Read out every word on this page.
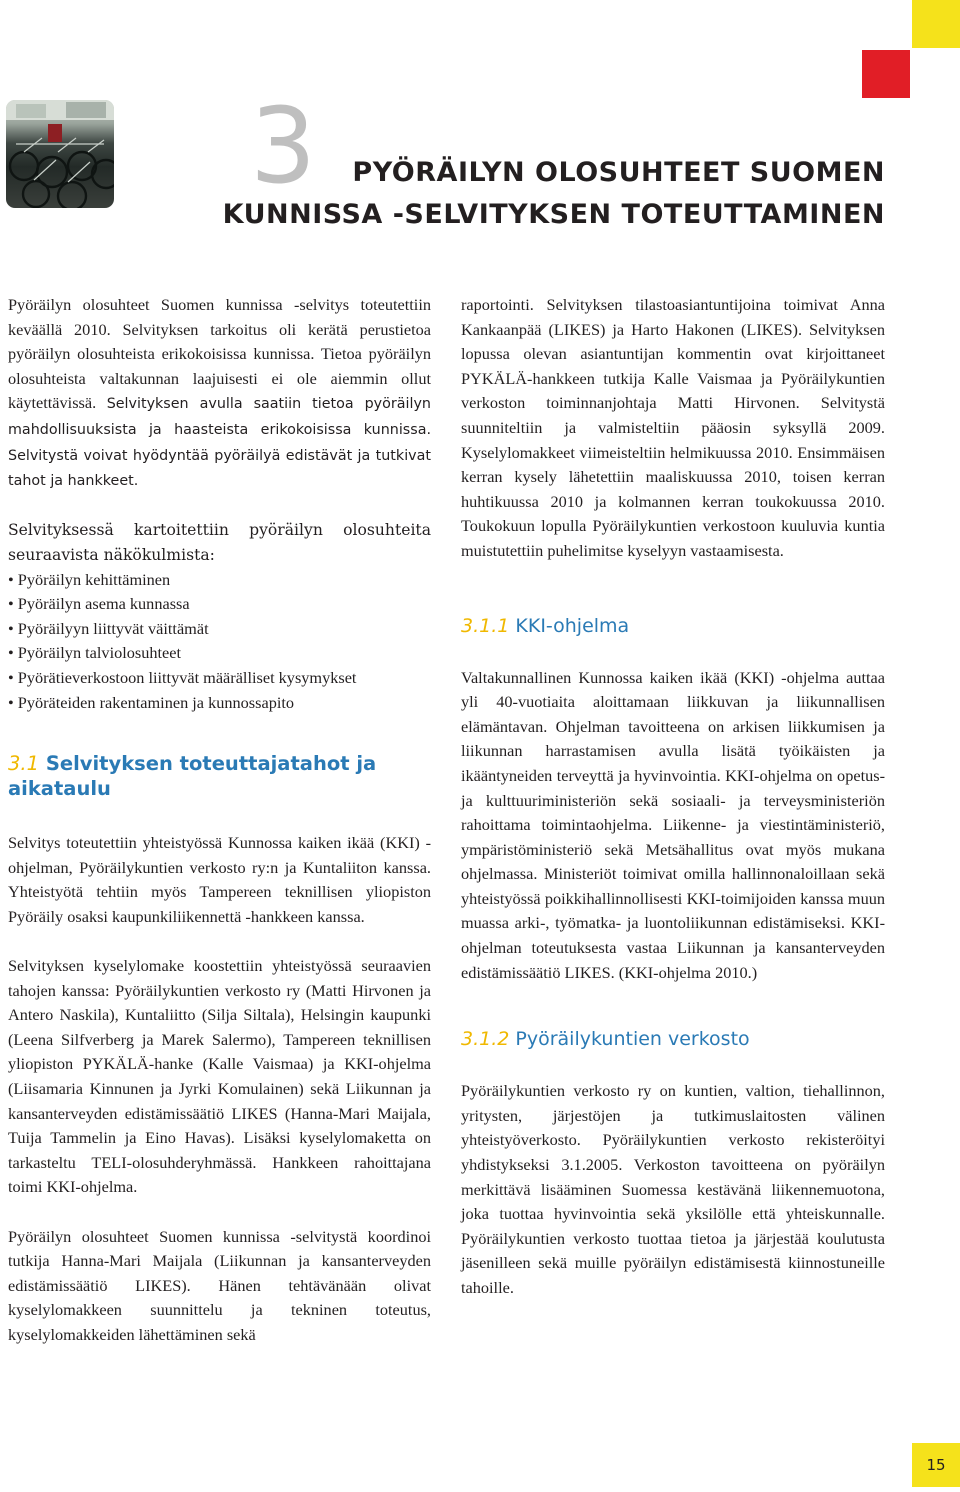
3 PYÖRÄILYN OLOSUHTEET SUOMEN
KUNNISSA -SELVITYKSEN TOTEUTTAMINEN

Pyöräilyn olosuhteet Suomen kunnissa -selvitys toteutettiin keväällä 2010. Selvityksen tarkoitus oli kerätä perustietoa pyöräilyn olosuhteista erikokoisissa kunnissa. Tietoa pyöräilyn olosuhteista valtakunnan laajuisesti ei ole aiemmin ollut käytettävissä. Selvityksen avulla saatiin tietoa pyöräilyn mahdollisuuksista ja haasteista erikokoisissa kunnissa. Selvitystä voivat hyödyntää pyöräilyä edistävät ja tutkivat tahot ja hankkeet.

Selvityksessä kartoitettiin pyöräilyn olosuhteita seuraavista näkökulmista:

• Pyöräilyn kehittäminen
• Pyöräilyn asema kunnassa
• Pyöräilyyn liittyvät väittämät
• Pyöräilyn talviolosuhteet
• Pyörätieverkostoon liittyvät määrälliset kysymykset
• Pyöräteiden rakentaminen ja kunnossapito
3.1 Selvityksen toteuttajatahot ja aikataulu

Selvitys toteutettiin yhteistyössä Kunnossa kaiken ikää (KKI) -ohjelman, Pyöräilykuntien verkosto ry:n ja Kuntaliiton kanssa. Yhteistyötä tehtiin myös Tampereen teknillisen yliopiston Pyöräily osaksi kaupunkiliikennettä -hankkeen kanssa.

Selvityksen kyselylomake koostettiin yhteistyössä seuraavien tahojen kanssa: Pyöräilykuntien verkosto ry (Matti Hirvonen ja Antero Naskila), Kuntaliitto (Silja Siltala), Helsingin kaupunki (Leena Silfverberg ja Marek Salermo), Tampereen teknillisen yliopiston PYKÄLÄ-hanke (Kalle Vaismaa) ja KKI-ohjelma (Liisamaria Kinnunen ja Jyrki Komulainen) sekä Liikunnan ja kansanterveyden edistämissäätiö LIKES (Hanna-Mari Maijala, Tuija Tammelin ja Eino Havas). Lisäksi kyselylomaketta on tarkasteltu TELI-olosuhderyhmässä. Hankkeen rahoittajana toimi KKI-ohjelma.

Pyöräilyn olosuhteet Suomen kunnissa -selvitystä koordinoi tutkija Hanna-Mari Maijala (Liikunnan ja kansanterveyden edistämissäätiö LIKES). Hänen tehtävänään olivat kyselylomakkeen suunnittelu ja tekninen toteutus, kyselylomakkeiden lähettäminen sekä

raportointi. Selvityksen tilastoasiantuntijoina toimivat Anna Kankaanpää (LIKES) ja Harto Hakonen (LIKES). Selvityksen lopussa olevan asiantuntijan kommentin ovat kirjoittaneet PYKÄLÄ-hankkeen tutkija Kalle Vaismaa ja Pyöräilykuntien verkoston toiminnanjohtaja Matti Hirvonen. Selvitystä suunniteltiin ja valmisteltiin pääosin syksyllä 2009. Kyselylomakkeet viimeisteltiin helmikuussa 2010. Ensimmäisen kerran kysely lähetettiin maaliskuussa 2010, toisen kerran huhtikuussa 2010 ja kolmannen kerran toukokuussa 2010. Toukokuun lopulla Pyöräilykuntien verkostoon kuuluvia kuntia muistutettiin puhelimitse kyselyyn vastaamisesta.

3.1.1 KKI-ohjelma

Valtakunnallinen Kunnossa kaiken ikää (KKI) -ohjelma auttaa yli 40-vuotiaita aloittamaan liikkuvan ja liikunnallisen elämäntavan. Ohjelman tavoitteena on arkisen liikkumisen ja liikunnan harrastamisen avulla lisätä työikäisten ja ikääntyneiden terveyttä ja hyvinvointia. KKI-ohjelma on opetus- ja kulttuuriministeriön sekä sosiaali- ja terveysministeriön rahoittama toimintaohjelma. Liikenne- ja viestintäministeriö, ympäristöministeriö sekä Metsähallitus ovat myös mukana ohjelmassa. Ministeriöt toimivat omilla hallinnonaloillaan sekä yhteistyössä poikkihallinnollisesti KKI-toimijoiden kanssa muun muassa arki-, työmatka- ja luontoliikunnan edistämiseksi. KKI-ohjelman toteutuksesta vastaa Liikunnan ja kansanterveyden edistämissäätiö LIKES. (KKI-ohjelma 2010.)

3.1.2 Pyöräilykuntien verkosto

Pyöräilykuntien verkosto ry on kuntien, valtion, tiehallinnon, yritysten, järjestöjen ja tutkimuslaitosten välinen yhteistyöverkosto. Pyöräilykuntien verkosto rekisteröityi yhdistykseksi 3.1.2005. Verkoston tavoitteena on pyöräilyn merkittävä lisääminen Suomessa kestävänä liikennemuotona, joka tuottaa hyvinvointia sekä yksilölle että yhteiskunnalle. Pyöräilykuntien verkosto tuottaa tietoa ja järjestää koulutusta jäsenilleen sekä muille pyöräilyn edistämisestä kiinnostuneille tahoille.

15
